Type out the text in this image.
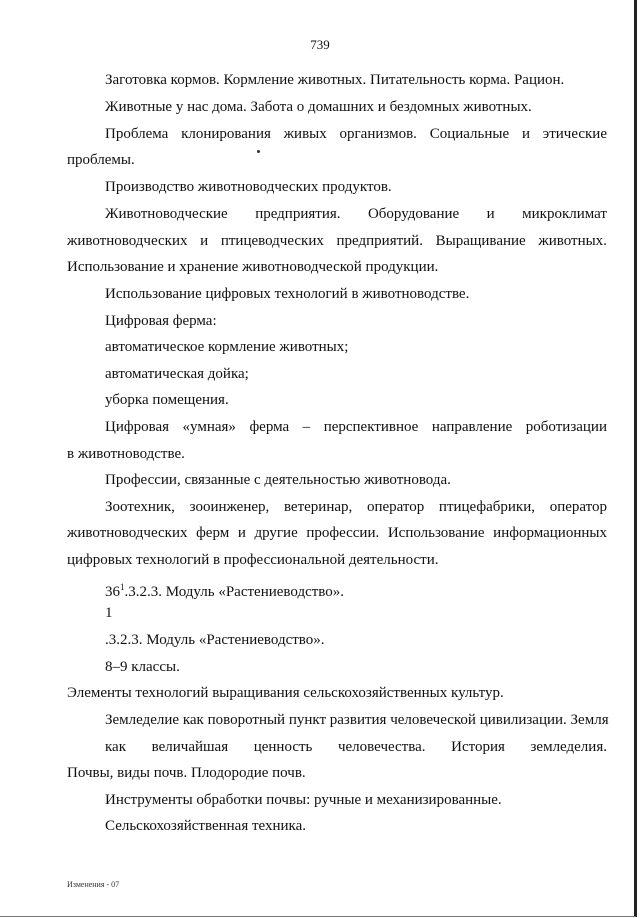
739
Заготовка кормов. Кормление животных. Питательность корма. Рацион.
Животные у нас дома. Забота о домашних и бездомных животных.
Проблема клонирования живых организмов. Социальные и этические
проблемы.
Производство животноводческих продуктов.
Животноводческие предприятия. Оборудование и микроклимат
животноводческих и птицеводческих предприятий. Выращивание животных.
Использование и хранение животноводческой продукции.
Использование цифровых технологий в животноводстве.
Цифровая ферма:
автоматическое кормление животных;
автоматическая дойка;
уборка помещения.
Цифровая «умная» ферма – перспективное направление роботизации
в животноводстве.
Профессии, связанные с деятельностью животновода.
Зоотехник, зооинженер, ветеринар, оператор птицефабрики, оператор
животноводческих ферм и другие профессии. Использование информационных
цифровых технологий в профессиональной деятельности.
1
.3.2.3. Модуль «Растениеводство».
8–9 классы.
Элементы технологий выращивания сельскохозяйственных культур.
Земледелие как поворотный пункт развития человеческой цивилизации. Земля
как величайшая ценность человечества. История земледелия.
Почвы, виды почв. Плодородие почв.
Инструменты обработки почвы: ручные и механизированные.
Сельскохозяйственная техника.
$36^1.3.2.3$. Модуль «Растениеводство».
Изменения - 07
